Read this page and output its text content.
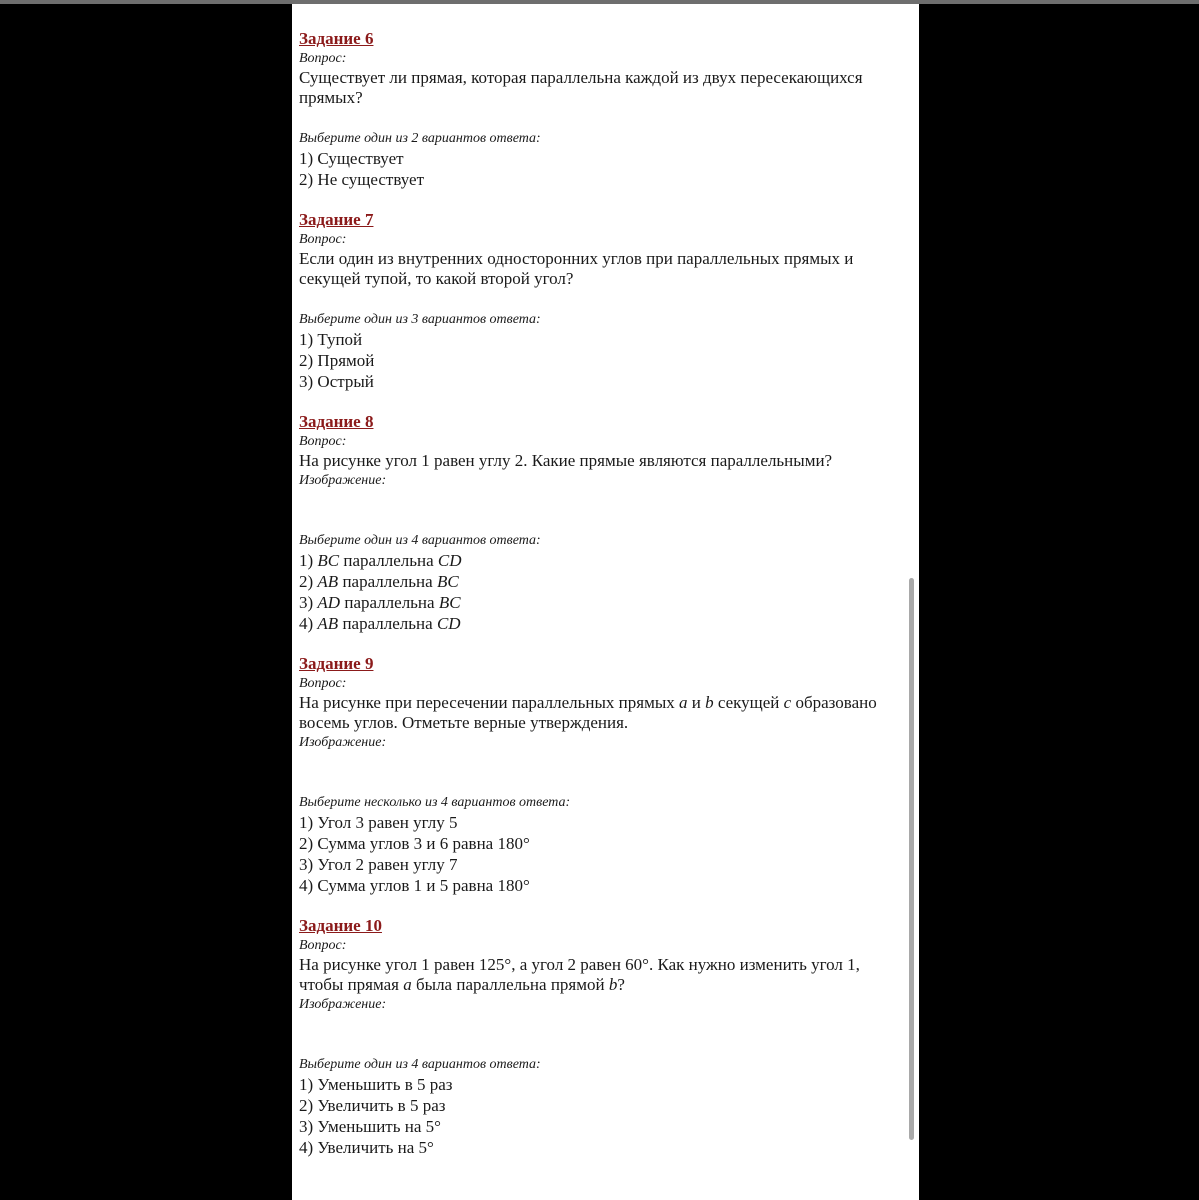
Задание 6
Вопрос:
Существует ли прямая, которая параллельна каждой из двух пересекающихся прямых?
Выберите один из 2 вариантов ответа:
1) Существует
2) Не существует
Задание 7
Вопрос:
Если один из внутренних односторонних углов при параллельных прямых и секущей тупой, то какой второй угол?
Выберите один из 3 вариантов ответа:
1) Тупой
2) Прямой
3) Острый
Задание 8
Вопрос:
На рисунке угол 1 равен углу 2. Какие прямые являются параллельными?
Изображение:
Выберите один из 4 вариантов ответа:
1) BC параллельна CD
2) AB параллельна BC
3) AD параллельна BC
4) AB параллельна CD
Задание 9
Вопрос:
На рисунке при пересечении параллельных прямых a и b секущей c образовано восемь углов. Отметьте верные утверждения.
Изображение:
Выберите несколько из 4 вариантов ответа:
1) Угол 3 равен углу 5
2) Сумма углов 3 и 6 равна 180°
3) Угол 2 равен углу 7
4) Сумма углов 1 и 5 равна 180°
Задание 10
Вопрос:
На рисунке угол 1 равен 125°, а угол 2 равен 60°. Как нужно изменить угол 1, чтобы прямая a была параллельна прямой b?
Изображение:
Выберите один из 4 вариантов ответа:
1) Уменьшить в 5 раз
2) Увеличить в 5 раз
3) Уменьшить на 5°
4) Увеличить на 5°
